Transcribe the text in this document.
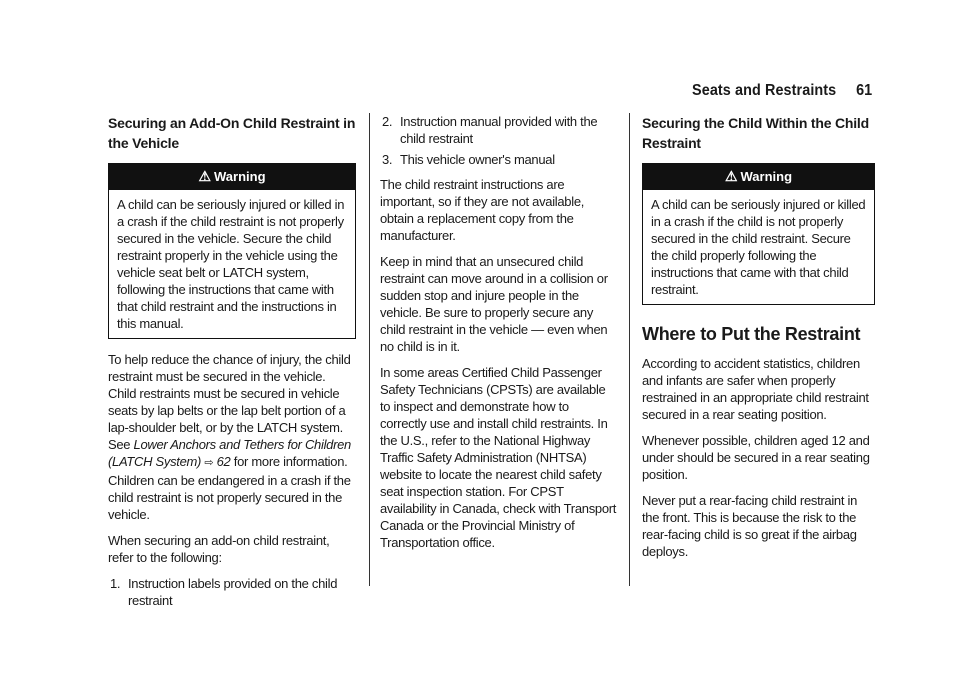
Seats and Restraints 61
Securing an Add-On Child Restraint in the Vehicle
⚠ Warning
A child can be seriously injured or killed in a crash if the child restraint is not properly secured in the vehicle. Secure the child restraint properly in the vehicle using the vehicle seat belt or LATCH system, following the instructions that came with that child restraint and the instructions in this manual.

To help reduce the chance of injury, the child restraint must be secured in the vehicle. Child restraints must be secured in vehicle seats by lap belts or the lap belt portion of a lap-shoulder belt, or by the LATCH system. See Lower Anchors and Tethers for Children (LATCH System) ⇨ 62 for more information. Children can be endangered in a crash if the child restraint is not properly secured in the vehicle.

When securing an add-on child restraint, refer to the following:

1. Instruction labels provided on the child restraint
2. Instruction manual provided with the child restraint
3. This vehicle owner's manual

The child restraint instructions are important, so if they are not available, obtain a replacement copy from the manufacturer.

Keep in mind that an unsecured child restraint can move around in a collision or sudden stop and injure people in the vehicle. Be sure to properly secure any child restraint in the vehicle — even when no child is in it.

In some areas Certified Child Passenger Safety Technicians (CPSTs) are available to inspect and demonstrate how to correctly use and install child restraints. In the U.S., refer to the National Highway Traffic Safety Administration (NHTSA) website to locate the nearest child safety seat inspection station. For CPST availability in Canada, check with Transport Canada or the Provincial Ministry of Transportation office.

Securing the Child Within the Child Restraint
⚠ Warning
A child can be seriously injured or killed in a crash if the child is not properly secured in the child restraint. Secure the child properly following the instructions that came with that child restraint.
Where to Put the Restraint

According to accident statistics, children and infants are safer when properly restrained in an appropriate child restraint secured in a rear seating position.

Whenever possible, children aged 12 and under should be secured in a rear seating position.

Never put a rear-facing child restraint in the front. This is because the risk to the rear-facing child is so great if the airbag deploys.
